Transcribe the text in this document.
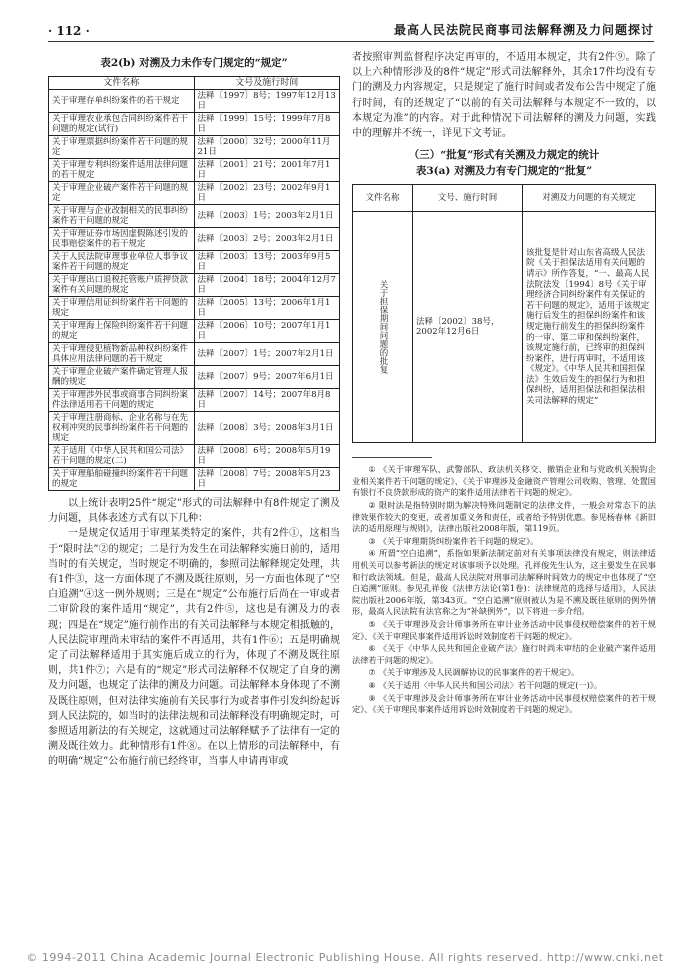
· 112 ·	最高人民法院民商事司法解释溯及力问题探讨
表2(b) 对溯及力未作专门规定的“规定”
文件名称	文号及施行时间
关于审理存单纠纷案件的若干规定	法释〔1997〕8号；1997年12月13日
关于审理农业承包合同纠纷案件若干问题的规定(试行)	法释〔1999〕15号；1999年7月8日
关于审理票据纠纷案件若干问题的规定	法释〔2000〕32号；2000年11月21日
关于审理专利纠纷案件适用法律问题的若干规定	法释〔2001〕21号；2001年7月1日
关于审理企业破产案件若干问题的规定	法释〔2002〕23号；2002年9月1日
关于审理与企业改制相关的民事纠纷案件若干问题的规定	法释〔2003〕1号；2003年2月1日
关于审理证券市场因虚假陈述引发的民事赔偿案件的若干规定	法释〔2003〕2号；2003年2月1日
关于人民法院审理事业单位人事争议案件若干问题的规定	法释〔2003〕13号；2003年9月5日
关于审理出口退税托管账户质押贷款案件有关问题的规定	法释〔2004〕18号；2004年12月7日
关于审理信用证纠纷案件若干问题的规定	法释〔2005〕13号；2006年1月1日
关于审理海上保险纠纷案件若干问题的规定	法释〔2006〕10号；2007年1月1日
关于审理侵犯植物新品种权纠纷案件具体应用法律问题的若干规定	法释〔2007〕1号；2007年2月1日
关于审理企业破产案件确定管理人报酬的规定	法释〔2007〕9号；2007年6月1日
关于审理涉外民事或商事合同纠纷案件法律适用若干问题的规定	法释〔2007〕14号；2007年8月8日
关于审理注册商标、企业名称与在先权利冲突的民事纠纷案件若干问题的规定	法释〔2008〕3号；2008年3月1日
关于适用《中华人民共和国公司法》若干问题的规定(二)	法释〔2008〕6号；2008年5月19日
关于审理船舶碰撞纠纷案件若干问题的规定	法释〔2008〕7号；2008年5月23日

以上统计表明25件“规定”形式的司法解释中有8件规定了溯及力问题，具体表述方式有以下几种：

一是规定仅适用于审理某类特定的案件，共有2件①，这相当于“限时法”②的规定；二是行为发生在司法解释实施日前的，适用当时的有关规定，当时规定不明确的，参照司法解释规定处理，共有1件③，这一方面体现了不溯及既往原则，另一方面也体现了“空白追溯”④这一例外规则；三是在“规定”公布施行后尚在一审或者二审阶段的案件适用“规定”，共有2件⑤，这也是有溯及力的表现；四是在“规定”施行前作出的有关司法解释与本规定相抵触的，人民法院审理尚未审结的案件不再适用，共有1件⑥；五是明确规定了司法解释适用于其实施后成立的行为，体现了不溯及既往原则，共1件⑦；六是有的“规定”形式司法解释不仅规定了自身的溯及力问题，也规定了法律的溯及力问题。司法解释本身体现了不溯及既往原则，但对法律实施前有关民事行为或者事件引发纠纷起诉到人民法院的，如当时的法律法规和司法解释没有明确规定时，可参照适用新法的有关规定，这就通过司法解释赋予了法律有一定的溯及既往效力。此种情形有1件⑧。在以上情形的司法解释中，有的明确“规定”公布施行前已经终审，当事人申请再审或

者按照审判监督程序决定再审的，不适用本规定，共有2件⑨。除了以上六种情形涉及的8件“规定”形式司法解释外，其余17件均没有专门的溯及力内容规定，只是规定了施行时间或者发布公告中规定了施行时间，有的还规定了“以前的有关司法解释与本规定不一致的，以本规定为准”的内容。对于此种情况下司法解释的溯及力问题，实践中的理解并不统一，详见下文考证。

（三）“批复”形式有关溯及力规定的统计
表3(a) 对溯及力有专门规定的“批复”
文件名称	文号、施行时间	对溯及力问题的有关规定

关于担保期间问题的批复	法释〔2002〕38号，2002年12月6日	该批复是针对山东省高级人民法院《关于担保法适用有关问题的请示》所作答复，“一、最高人民法院法发〔1994〕8号《关于审理经济合同纠纷案件有关保证的若干问题的规定》，适用于该规定施行后发生的担保纠纷案件和该规定施行前发生的担保纠纷案件的一审、第二审和保纠纷案件，该规定施行前，已终审的担保纠纷案件，进行再审时，不适用该《规定》。《中华人民共和国担保法》生效后发生的担保行为和担保纠纷，适用担保法和担保法相关司法解释的规定”

① 《关于审理军队、武警部队、政法机关移交、撤销企业和与党政机关脱钩企业相关案件若干问题的规定》、《关于审理涉及金融资产管理公司收购、管理、处置国有银行不良贷款形成的资产的案件适用法律若干问题的规定》。

② 限时法是指特别时期为解决特殊问题制定的法律文件，一般会对常态下的法律效果作较大的变更，或者加重义务和责任，或者给予特别优惠。参见杨春林《新旧法的适用原理与规则》，法律出版社2008年版，第119页。

③ 《关于审理期货纠纷案件若干问题的规定》。

④ 所谓“空白追溯”，系指如果新法制定前对有关事项法律没有规定，则法律适用机关可以参考新法的规定对该事项予以处理。孔祥俊先生认为，这主要发生在民事和行政法领域。但是，最高人民法院对刑事司法解释时间效力的规定中也体现了“空白追溯”原则。参见孔祥俊《法律方法论(第1卷)：法律规范的选择与适用》，人民法院出版社2006年版，第343页。“空白追溯”原则被认为是不溯及既往原则的例外情形，最高人民法院有法官称之为“补缺例外”，以下将进一步介绍。

⑤ 《关于审理涉及会计师事务所在审计业务活动中民事侵权赔偿案件的若干规定》、《关于审理民事案件适用诉讼时效制度若干问题的规定》。

⑥ 《关于〈中华人民共和国企业破产法〉施行时尚未审结的企业破产案件适用法律若干问题的规定》。

⑦ 《关于审理涉及人民调解协议的民事案件的若干规定》。

⑧ 《关于适用〈中华人民共和国公司法〉若干问题的规定(一)》。

⑨ 《关于审理涉及会计师事务所在审计业务活动中民事侵权赔偿案件的若干规定》、《关于审理民事案件适用诉讼时效制度若干问题的规定》。

© 1994-2011 China Academic Journal Electronic Publishing House. All rights reserved. http://www.cnki.net
